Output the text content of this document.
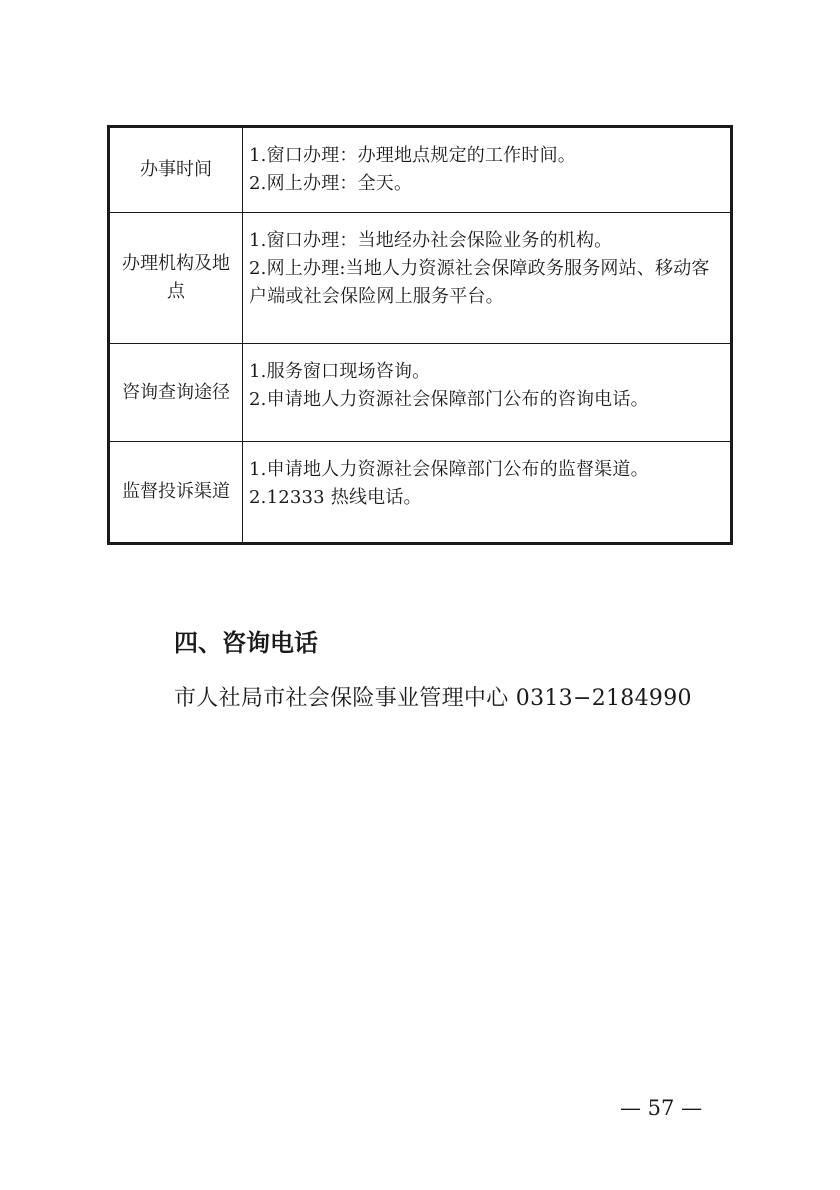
办事时间	1.窗口办理：办理地点规定的工作时间。
2.网上办理：全天。

办理机构及地点	1.窗口办理：当地经办社会保险业务的机构。
2.网上办理:当地人力资源社会保障政务服务网站、移动客户端或社会保险网上服务平台。

咨询查询途径	1.服务窗口现场咨询。
2.申请地人力资源社会保障部门公布的咨询电话。

监督投诉渠道	1.申请地人力资源社会保障部门公布的监督渠道。
2.12333 热线电话。
四、咨询电话

市人社局市社会保险事业管理中心 0313−2184990

— 57 —
